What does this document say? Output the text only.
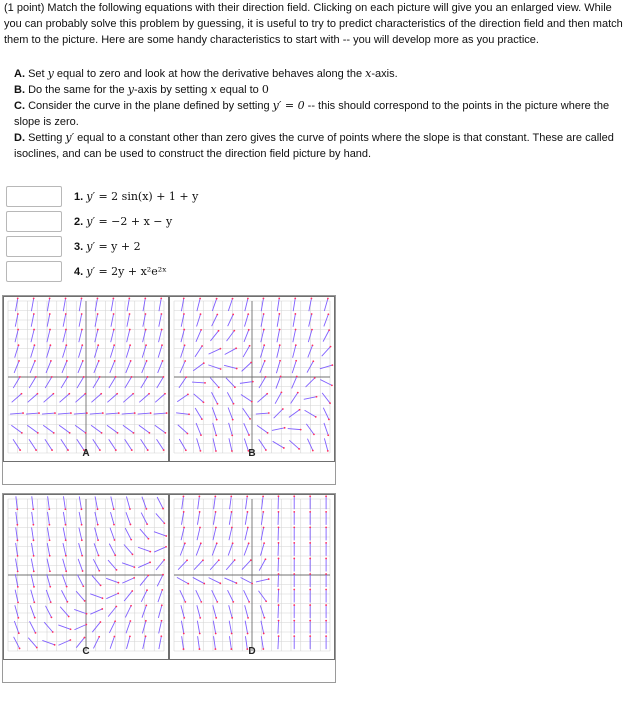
(1 point) Match the following equations with their direction field. Clicking on each picture will give you an enlarged view. While you can probably solve this problem by guessing, it is useful to try to predict characteristics of the direction field and then match them to the picture. Here are some handy characteristics to start with -- you will develop more as you practice.

A. Set y equal to zero and look at how the derivative behaves along the x-axis.

B. Do the same for the y-axis by setting x equal to 0

C. Consider the curve in the plane defined by setting y′ = 0 -- this should correspond to the points in the picture where the slope is zero.

D. Setting y′ equal to a constant other than zero gives the curve of points where the slope is that constant. These are called isoclines, and can be used to construct the direction field picture by hand.

1. y′ = 2 sin(x) + 1 + y
2. y′ = −2 + x − y
3. y′ = y + 2
4. y′ = 2y + x²e²ˣ
A	B
C	D
